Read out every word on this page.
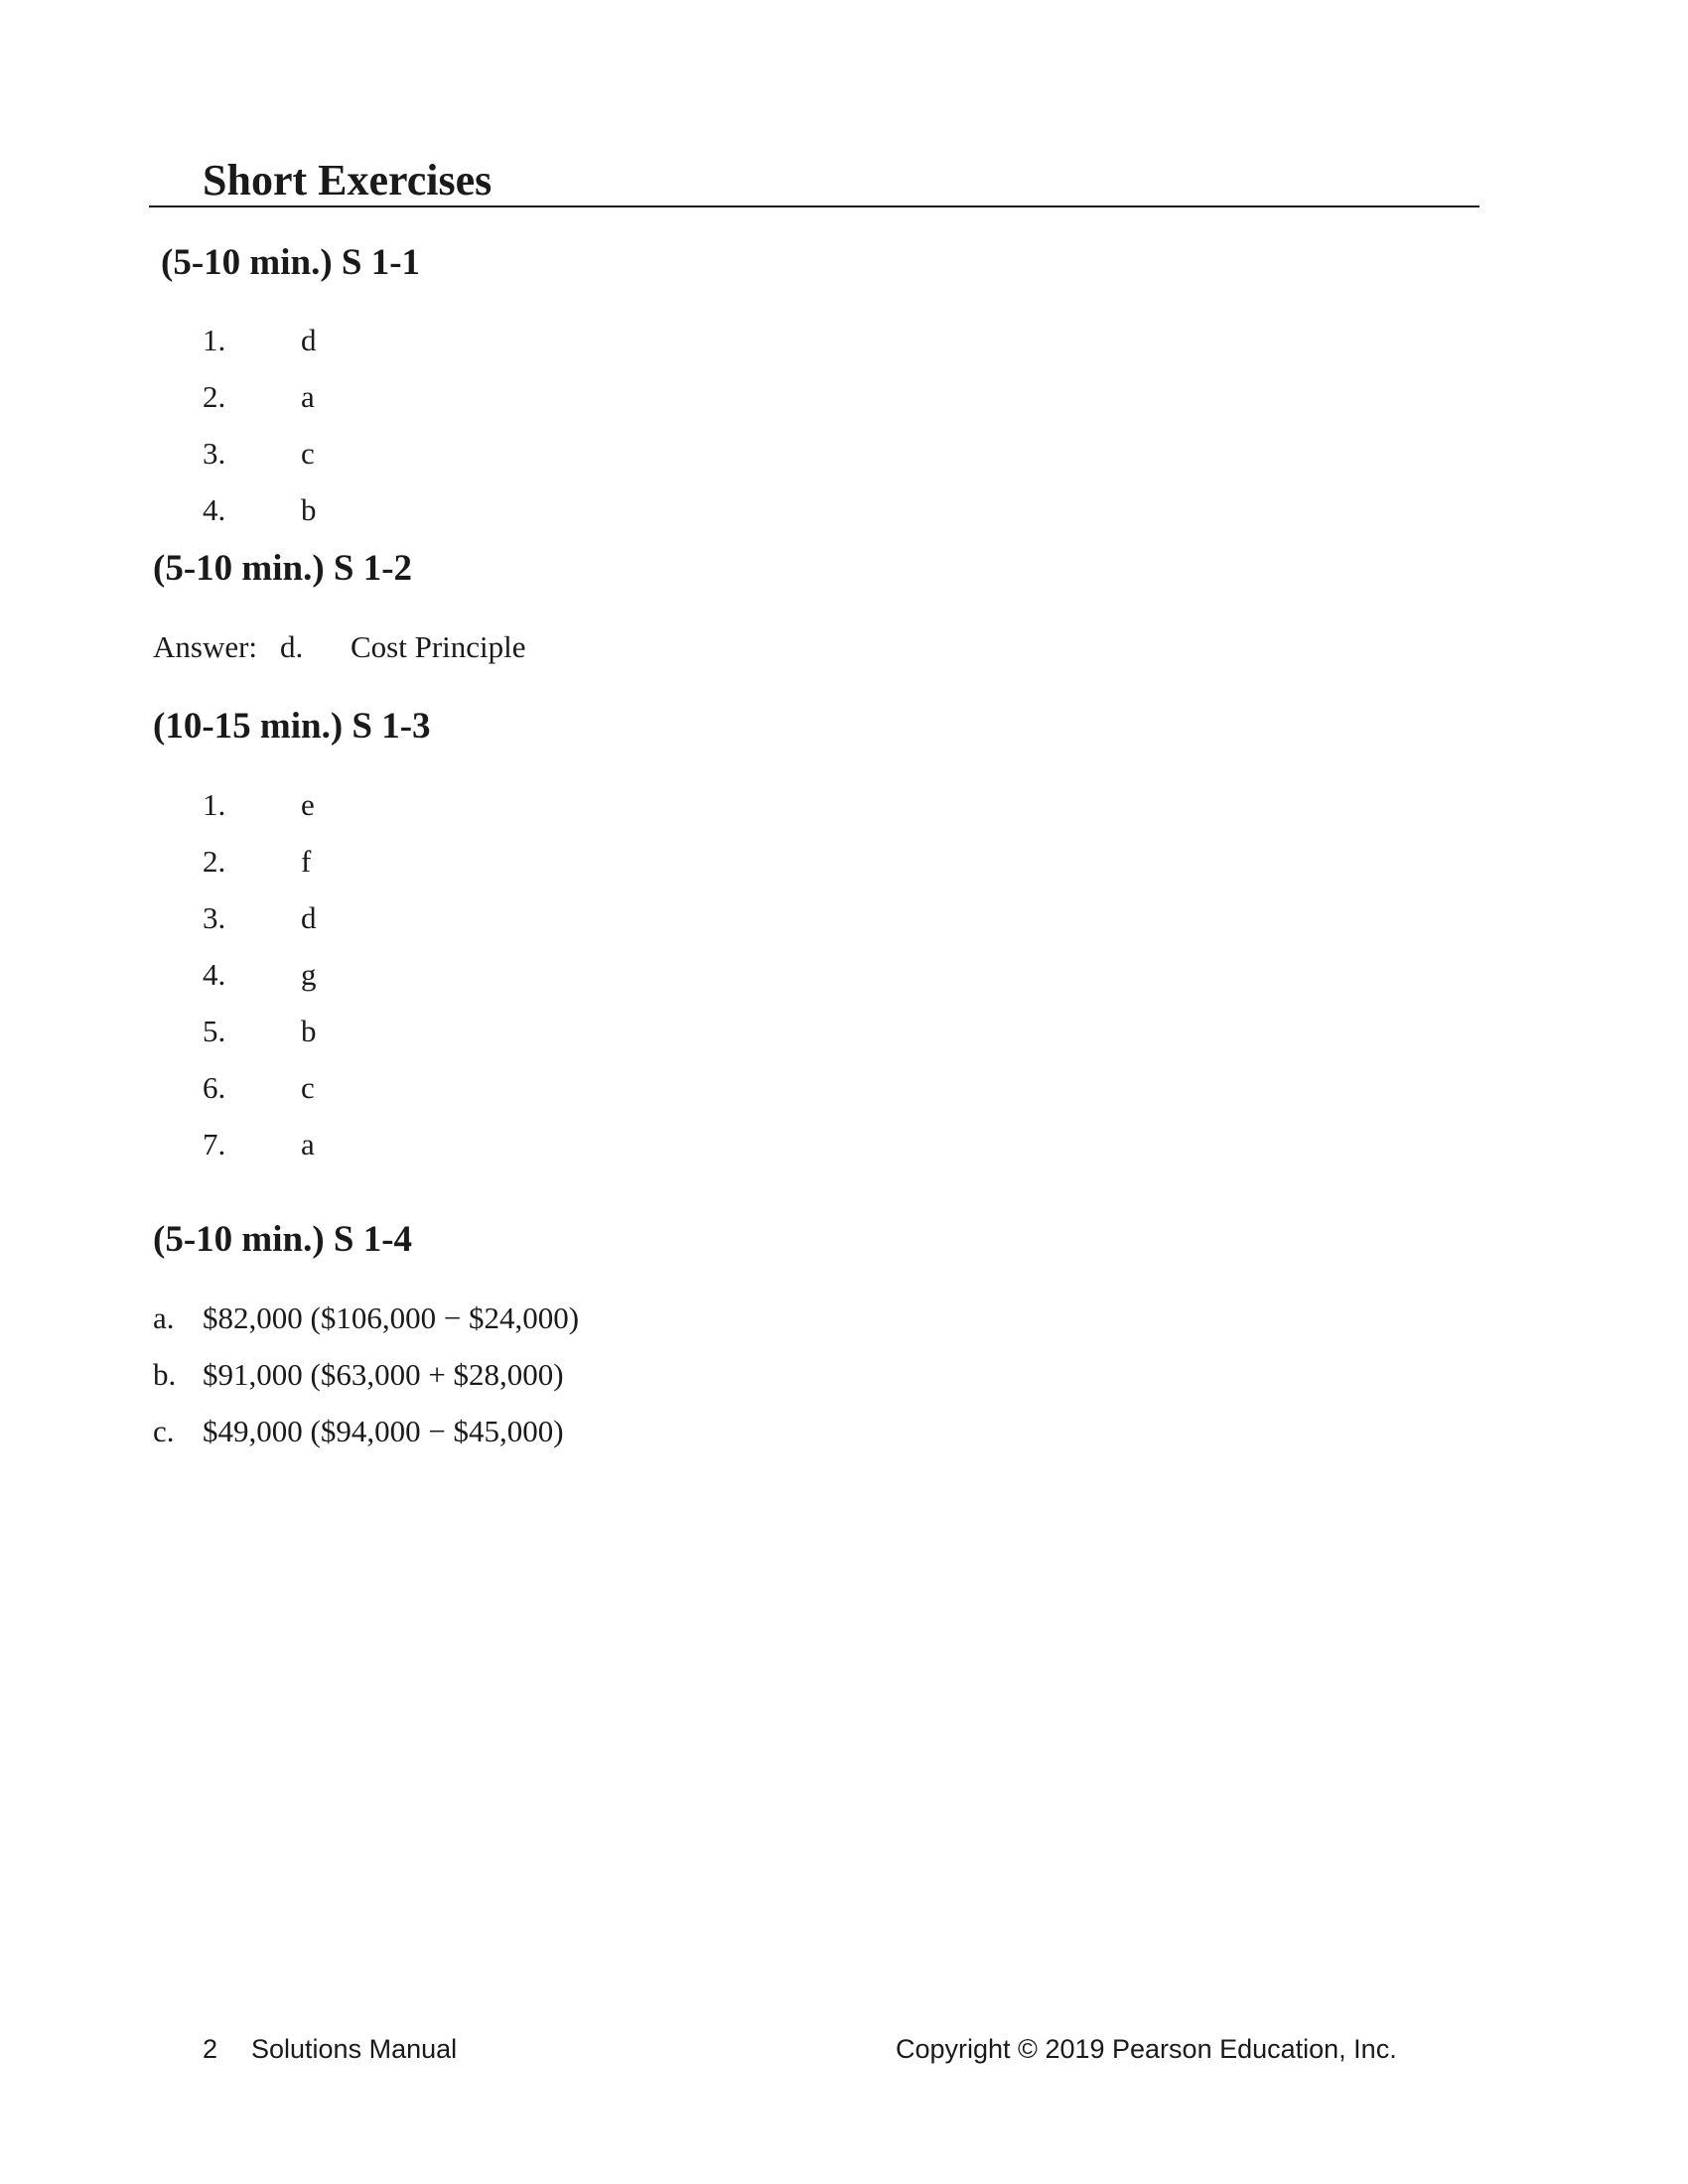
Short Exercises
(5-10 min.) S 1-1
1. d
2. a
3. c
4. b
(5-10 min.) S 1-2
Answer: d. Cost Principle
(10-15 min.) S 1-3
1. e
2. f
3. d
4. g
5. b
6. c
7. a
(5-10 min.) S 1-4
a. $82,000 ($106,000 − $24,000)
b. $91,000 ($63,000 + $28,000)
c. $49,000 ($94,000 − $45,000)
2 Solutions Manual	Copyright © 2019 Pearson Education, Inc.
